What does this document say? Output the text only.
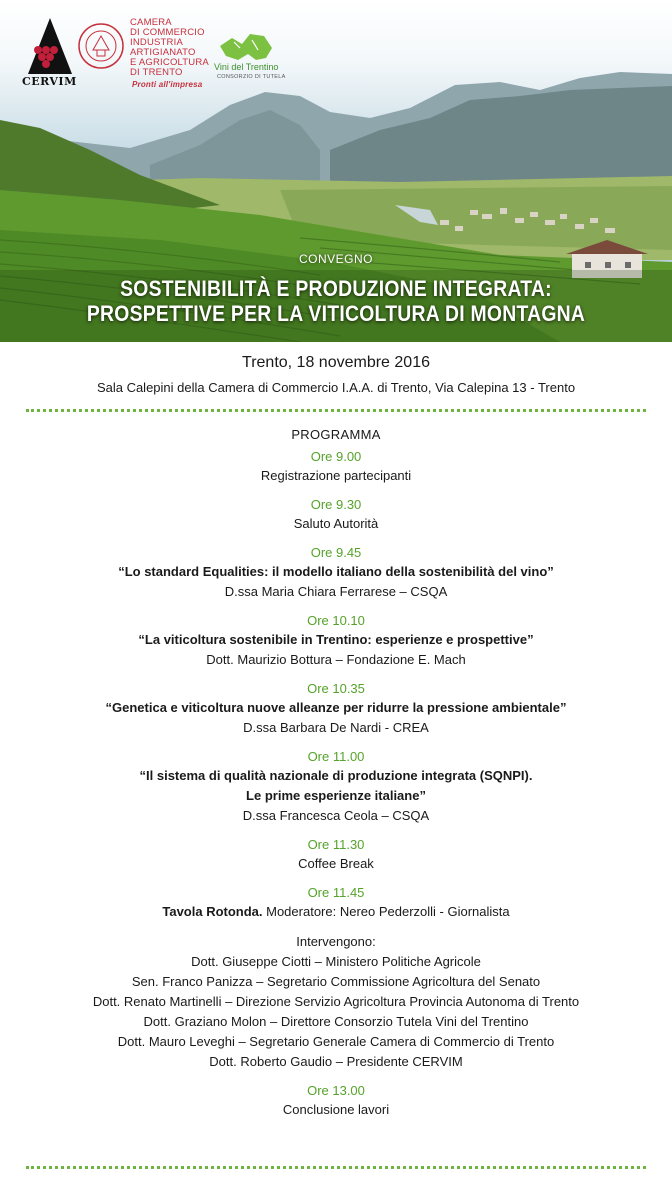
CERVIM
CAMERA
DI COMMERCIO
INDUSTRIA
ARTIGIANATO
E AGRICOLTURA
DI TRENTO
Pronti all'impresa
Vini del Trentino
CONSORZIO DI TUTELA
CONVEGNO
SOSTENIBILITÀ E PRODUZIONE INTEGRATA:
PROSPETTIVE PER LA VITICOLTURA DI MONTAGNA
Trento, 18 novembre 2016
Sala Calepini della Camera di Commercio I.A.A. di Trento, Via Calepina 13 - Trento
PROGRAMMA
Ore 9.00
Registrazione partecipanti
Ore 9.30
Saluto Autorità
Ore 9.45
“Lo standard Equalities: il modello italiano della sostenibilità del vino”
D.ssa Maria Chiara Ferrarese – CSQA
Ore 10.10
“La viticoltura sostenibile in Trentino: esperienze e prospettive”
Dott. Maurizio Bottura – Fondazione E. Mach
Ore 10.35
“Genetica e viticoltura nuove alleanze per ridurre la pressione ambientale”
D.ssa Barbara De Nardi - CREA
Ore 11.00
“Il sistema di qualità nazionale di produzione integrata (SQNPI).
Le prime esperienze italiane”
D.ssa Francesca Ceola – CSQA
Ore 11.30
Coffee Break
Ore 11.45
Tavola Rotonda. Moderatore: Nereo Pederzolli - Giornalista
Intervengono:
Dott. Giuseppe Ciotti – Ministero Politiche Agricole
Sen. Franco Panizza – Segretario Commissione Agricoltura del Senato
Dott. Renato Martinelli – Direzione Servizio Agricoltura Provincia Autonoma di Trento
Dott. Graziano Molon – Direttore Consorzio Tutela Vini del Trentino
Dott. Mauro Leveghi – Segretario Generale Camera di Commercio di Trento
Dott. Roberto Gaudio – Presidente CERVIM
Ore 13.00
Conclusione lavori
